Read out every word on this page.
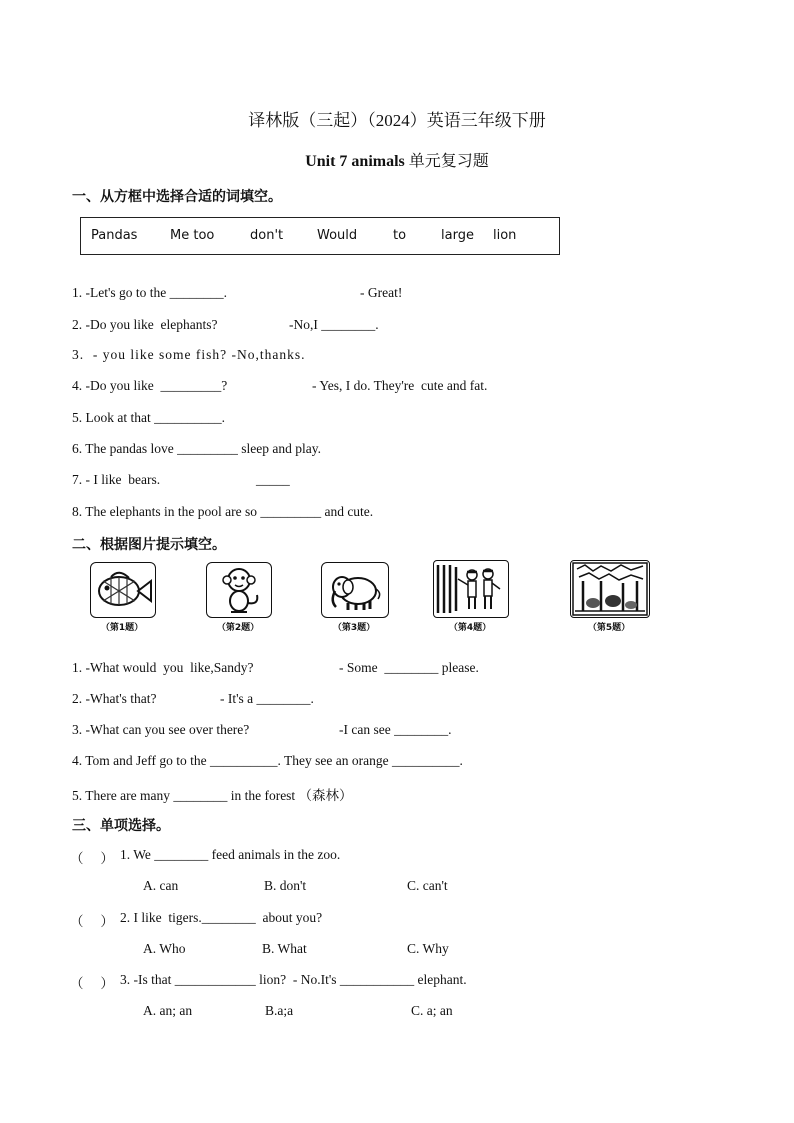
译林版（三起）（2024）英语三年级下册
Unit 7 animals 单元复习题
一、从方框中选择合适的词填空。

Pandas

	Me too

	don't

	Would

	to

	large

lion

1. -Let's go to the ________.	- Great!
2. -Do you like  elephants?	-No,I ________.
3.  - you like some fish? -No,thanks.
4. -Do you like  _________?	- Yes, I do. They're  cute and fat.
5. Look at that __________.
6. The pandas love _________ sleep and play.
7. - I like  bears.	_____
8. The elephants in the pool are so _________ and cute.
二、根据图片提示填空。
（第1题）	（第2题）	（第3题）	（第4题）	（第5题）
1. -What would  you  like,Sandy?	- Some  ________ please.
2. -What's that?	- It's a ________.
3. -What can you see over there?	-I can see ________.
4. Tom and Jeff go to the __________. They see an orange __________.
5. There are many ________ in the forest （森林）
三、单项选择。
（     ） 1. We ________ feed animals in the zoo.
A. can	B. don't	C. can't
（     ） 2. I like  tigers.________  about you?
A. Who	B. What	C. Why
（     ） 3. -Is that ____________ lion?  - No.It's ___________ elephant.
A. an; an	B.a;a	C. a; an
